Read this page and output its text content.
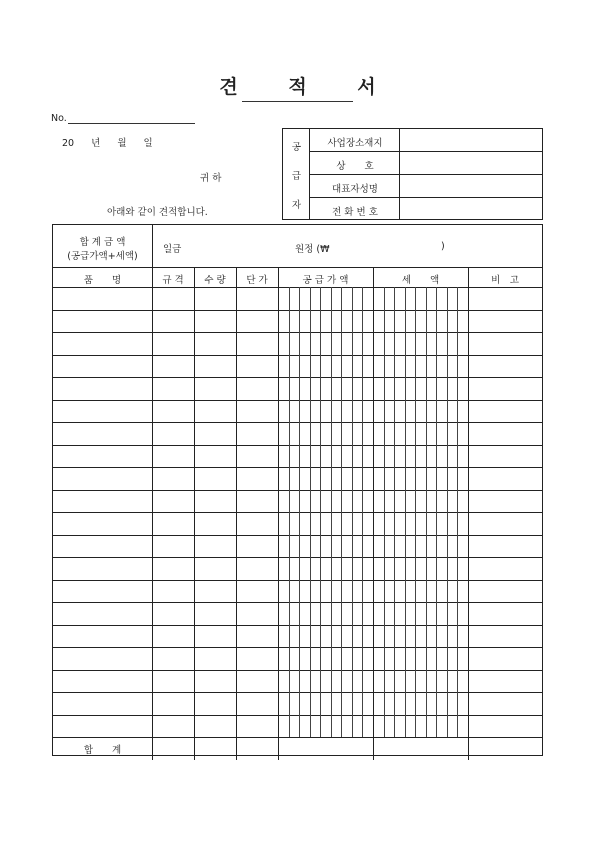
견 적 서
No.
20 년 월 일
귀 하
아래와 같이 견적합니다.
공
급
자
사업장소재지
상　　호
대표자성명
전 화 번 호
합 계 금 액
(공급가액+세액)
일금	원정 (₩	)
품　　명	규 격	수 량	단 가	공 급 가 액	세　　액	비　고
합　　계
